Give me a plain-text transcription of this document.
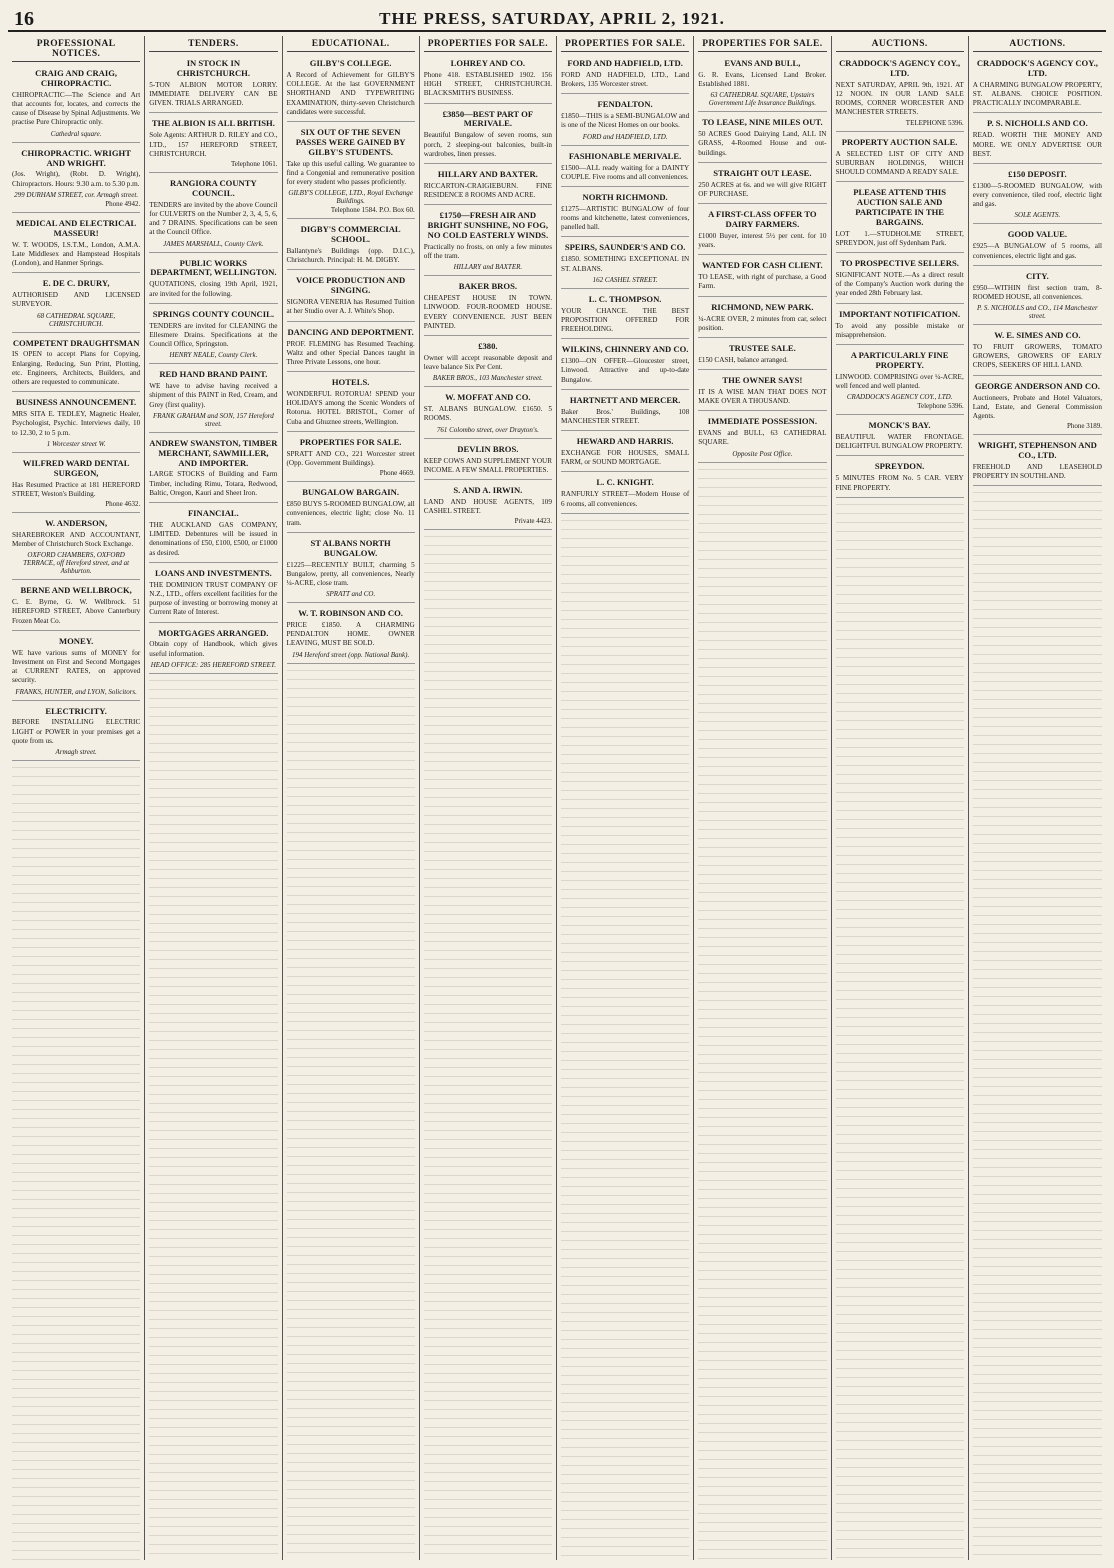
16	THE PRESS, SATURDAY, APRIL 2, 1921.
PROFESSIONAL NOTICES.
CRAIG AND CRAIG, CHIROPRACTIC.
CHIROPRACTIC—The Science and Art that accounts for, locates, and corrects the cause of Disease by Spinal Adjustments. We practise Pure Chiropractic only.
Cathedral square.
CHIROPRACTIC. WRIGHT AND WRIGHT.
(Jos. Wright), (Robt. D. Wright), Chiropractors. Hours: 9.30 a.m. to 5.30 p.m.
299 DURHAM STREET, cor. Armagh street.
Phone 4942.
MEDICAL AND ELECTRICAL MASSEUR!
W. T. WOODS, I.S.T.M., London, A.M.A. Late Middlesex and Hampstead Hospitals (London), and Hanmer Springs.
E. DE C. DRURY,
AUTHORISED AND LICENSED SURVEYOR.
68 CATHEDRAL SQUARE, CHRISTCHURCH.
COMPETENT DRAUGHTSMAN
IS OPEN to accept Plans for Copying, Enlarging, Reducing, Sun Print, Plotting, etc. Engineers, Architects, Builders, and others are requested to communicate.
BUSINESS ANNOUNCEMENT.
MRS SITA E. TEDLEY, Magnetic Healer, Psychologist, Psychic. Interviews daily, 10 to 12.30, 2 to 5 p.m.
1 Worcester street W.
WILFRED WARD DENTAL SURGEON,
Has Resumed Practice at 181 HEREFORD STREET, Weston's Building.
Phone 4632.
W. ANDERSON,
SHAREBROKER AND ACCOUNTANT, Member of Christchurch Stock Exchange.
OXFORD CHAMBERS, OXFORD TERRACE, off Hereford street, and at Ashburton.
BERNE AND WELLBROCK,
C. E. Byrne, G. W. Wellbrock. 51 HEREFORD STREET, Above Canterbury Frozen Meat Co.
MONEY.
WE have various sums of MONEY for Investment on First and Second Mortgages at CURRENT RATES, on approved security.
FRANKS, HUNTER, and LYON, Solicitors.
ELECTRICITY.
BEFORE INSTALLING ELECTRIC LIGHT or POWER in your premises get a quote from us.
Armagh street.
TENDERS.
IN STOCK IN CHRISTCHURCH.
5-TON ALBION MOTOR LORRY. IMMEDIATE DELIVERY CAN BE GIVEN. TRIALS ARRANGED.
THE ALBION IS ALL BRITISH.
Sole Agents: ARTHUR D. RILEY and CO., LTD., 157 HEREFORD STREET, CHRISTCHURCH.
Telephone 1061.
RANGIORA COUNTY COUNCIL.
TENDERS are invited by the above Council for CULVERTS on the Number 2, 3, 4, 5, 6, and 7 DRAINS. Specifications can be seen at the Council Office.
JAMES MARSHALL, County Clerk.
PUBLIC WORKS DEPARTMENT, WELLINGTON.
QUOTATIONS, closing 19th April, 1921, are invited for the following.
SPRINGS COUNTY COUNCIL.
TENDERS are invited for CLEANING the Ellesmere Drains. Specifications at the Council Office, Springston.
HENRY NEALE, County Clerk.
RED HAND BRAND PAINT.
WE have to advise having received a shipment of this PAINT in Red, Cream, and Grey (first quality).
FRANK GRAHAM and SON, 157 Hereford street.
ANDREW SWANSTON, TIMBER MERCHANT, SAWMILLER, AND IMPORTER.
LARGE STOCKS of Building and Farm Timber, including Rimu, Totara, Redwood, Baltic, Oregon, Kauri and Sheet Iron.
FINANCIAL.
THE AUCKLAND GAS COMPANY, LIMITED. Debentures will be issued in denominations of £50, £100, £500, or £1000 as desired.
LOANS AND INVESTMENTS.
THE DOMINION TRUST COMPANY OF N.Z., LTD., offers excellent facilities for the purpose of investing or borrowing money at Current Rate of Interest.
MORTGAGES ARRANGED.
Obtain copy of Handbook, which gives useful information.
HEAD OFFICE: 285 HEREFORD STREET.
EDUCATIONAL.
GILBY'S COLLEGE.
A Record of Achievement for GILBY'S COLLEGE. At the last GOVERNMENT SHORTHAND AND TYPEWRITING EXAMINATION, thirty-seven Christchurch candidates were successful.
SIX OUT OF THE SEVEN PASSES WERE GAINED BY GILBY'S STUDENTS.
Take up this useful calling. We guarantee to find a Congenial and remunerative position for every student who passes proficiently.
GILBY'S COLLEGE, LTD., Royal Exchange Buildings.
Telephone 1584. P.O. Box 60.
DIGBY'S COMMERCIAL SCHOOL.
Ballantyne's Buildings (opp. D.I.C.), Christchurch. Principal: H. M. DIGBY.
VOICE PRODUCTION AND SINGING.
SIGNORA VENERIA has Resumed Tuition at her Studio over A. J. White's Shop.
DANCING AND DEPORTMENT.
PROF. FLEMING has Resumed Teaching. Waltz and other Special Dances taught in Three Private Lessons, one hour.
HOTELS.
WONDERFUL ROTORUA! SPEND your HOLIDAYS among the Scenic Wonders of Rotorua. HOTEL BRISTOL, Corner of Cuba and Ghuznee streets, Wellington.
PROPERTIES FOR SALE.
SPRATT AND CO., 221 Worcester street (Opp. Government Buildings).
Phone 4669.
BUNGALOW BARGAIN.
£850 BUYS 5-ROOMED BUNGALOW, all conveniences, electric light; close No. 11 tram.
ST ALBANS NORTH BUNGALOW.
£1225—RECENTLY BUILT, charming 5 Bungalow, pretty, all conveniences, Nearly ¼-ACRE, close tram.
SPRATT and CO.
W. T. ROBINSON AND CO.
PRICE £1850. A CHARMING PENDALTON HOME. OWNER LEAVING, MUST BE SOLD.
194 Hereford street (opp. National Bank).
PROPERTIES FOR SALE.
LOHREY AND CO.
Phone 418. ESTABLISHED 1902. 156 HIGH STREET, CHRISTCHURCH. BLACKSMITH'S BUSINESS.
£3850—BEST PART OF MERIVALE.
Beautiful Bungalow of seven rooms, sun porch, 2 sleeping-out balconies, built-in wardrobes, linen presses.
HILLARY AND BAXTER.
RICCARTON-CRAIGIEBURN. FINE RESIDENCE 8 ROOMS AND ACRE.
£1750—FRESH AIR AND BRIGHT SUNSHINE, NO FOG, NO COLD EASTERLY WINDS.
Practically no frosts, on only a few minutes off the tram.
HILLARY and BAXTER.
BAKER BROS.
CHEAPEST HOUSE IN TOWN. LINWOOD. FOUR-ROOMED HOUSE. EVERY CONVENIENCE. JUST BEEN PAINTED.
£380.
Owner will accept reasonable deposit and leave balance Six Per Cent.
BAKER BROS., 103 Manchester street.
W. MOFFAT AND CO.
ST. ALBANS BUNGALOW. £1650. 5 ROOMS.
761 Colombo street, over Drayton's.
DEVLIN BROS.
KEEP COWS AND SUPPLEMENT YOUR INCOME. A FEW SMALL PROPERTIES.
S. AND A. IRWIN.
LAND AND HOUSE AGENTS, 109 CASHEL STREET.
Private 4423.
PROPERTIES FOR SALE.
FORD AND HADFIELD, LTD.
FORD AND HADFIELD, LTD., Land Brokers, 135 Worcester street.
FENDALTON.
£1850—THIS is a SEMI-BUNGALOW and is one of the Nicest Homes on our books.
FORD and HADFIELD, LTD.
FASHIONABLE MERIVALE.
£1500—ALL ready waiting for a DAINTY COUPLE. Five rooms and all conveniences.
NORTH RICHMOND.
£1275—ARTISTIC BUNGALOW of four rooms and kitchenette, latest conveniences, panelled hall.
SPEIRS, SAUNDER'S AND CO.
£1850. SOMETHING EXCEPTIONAL IN ST. ALBANS.
162 CASHEL STREET.
L. C. THOMPSON.
YOUR CHANCE. THE BEST PROPOSITION OFFERED FOR FREEHOLDING.
WILKINS, CHINNERY AND CO.
£1300—ON OFFER—Gloucester street, Linwood. Attractive and up-to-date Bungalow.
HARTNETT AND MERCER.
Baker Bros.' Buildings, 108 MANCHESTER STREET.
HEWARD AND HARRIS.
EXCHANGE FOR HOUSES, SMALL FARM, or SOUND MORTGAGE.
L. C. KNIGHT.
RANFURLY STREET—Modern House of 6 rooms, all conveniences.
PROPERTIES FOR SALE.
EVANS AND BULL,
G. R. Evans, Licensed Land Broker. Established 1881.
63 CATHEDRAL SQUARE, Upstairs Government Life Insurance Buildings.
TO LEASE, NINE MILES OUT.
50 ACRES Good Dairying Land, ALL IN GRASS, 4-Roomed House and out-buildings.
STRAIGHT OUT LEASE.
250 ACRES at 6s. and we will give RIGHT OF PURCHASE.
A FIRST-CLASS OFFER TO DAIRY FARMERS.
£1000 Buyer, interest 5½ per cent. for 10 years.
WANTED FOR CASH CLIENT.
TO LEASE, with right of purchase, a Good Farm.
RICHMOND, NEW PARK.
¼-ACRE OVER, 2 minutes from car, select position.
TRUSTEE SALE.
£150 CASH, balance arranged.
THE OWNER SAYS!
IT IS A WISE MAN THAT DOES NOT MAKE OVER A THOUSAND.
IMMEDIATE POSSESSION.
EVANS and BULL, 63 CATHEDRAL SQUARE.
Opposite Post Office.
AUCTIONS.
CRADDOCK'S AGENCY COY., LTD.
NEXT SATURDAY, APRIL 9th, 1921. AT 12 NOON. IN OUR LAND SALE ROOMS, CORNER WORCESTER AND MANCHESTER STREETS.
TELEPHONE 5396.
PROPERTY AUCTION SALE.
A SELECTED LIST OF CITY AND SUBURBAN HOLDINGS, WHICH SHOULD COMMAND A READY SALE.
PLEASE ATTEND THIS AUCTION SALE AND PARTICIPATE IN THE BARGAINS.
LOT 1.—STUDHOLME STREET, SPREYDON, just off Sydenham Park.
TO PROSPECTIVE SELLERS.
SIGNIFICANT NOTE.—As a direct result of the Company's Auction work during the year ended 28th February last.
IMPORTANT NOTIFICATION.
To avoid any possible mistake or misapprehension.
A PARTICULARLY FINE PROPERTY.
LINWOOD. COMPRISING over ¼-ACRE, well fenced and well planted.
CRADDOCK'S AGENCY COY., LTD.
Telephone 5396.
MONCK'S BAY.
BEAUTIFUL WATER FRONTAGE. DELIGHTFUL BUNGALOW PROPERTY.
SPREYDON.
5 MINUTES FROM No. 5 CAR. VERY FINE PROPERTY.
AUCTIONS.
CRADDOCK'S AGENCY COY., LTD.
A CHARMING BUNGALOW PROPERTY, ST. ALBANS. CHOICE POSITION. PRACTICALLY INCOMPARABLE.
P. S. NICHOLLS AND CO.
READ. WORTH THE MONEY AND MORE. WE ONLY ADVERTISE OUR BEST.
£150 DEPOSIT.
£1300—5-ROOMED BUNGALOW, with every convenience, tiled roof, electric light and gas.
SOLE AGENTS.
GOOD VALUE.
£925—A BUNGALOW of 5 rooms, all conveniences, electric light and gas.
CITY.
£950—WITHIN first section tram, 8-ROOMED HOUSE, all conveniences.
P. S. NICHOLLS and CO., 114 Manchester street.
W. E. SIMES AND CO.
TO FRUIT GROWERS, TOMATO GROWERS, GROWERS OF EARLY CROPS, SEEKERS OF HILL LAND.
GEORGE ANDERSON AND CO.
Auctioneers, Probate and Hotel Valuators, Land, Estate, and General Commission Agents.
Phone 3189.
WRIGHT, STEPHENSON AND CO., LTD.
FREEHOLD AND LEASEHOLD PROPERTY IN SOUTHLAND.
